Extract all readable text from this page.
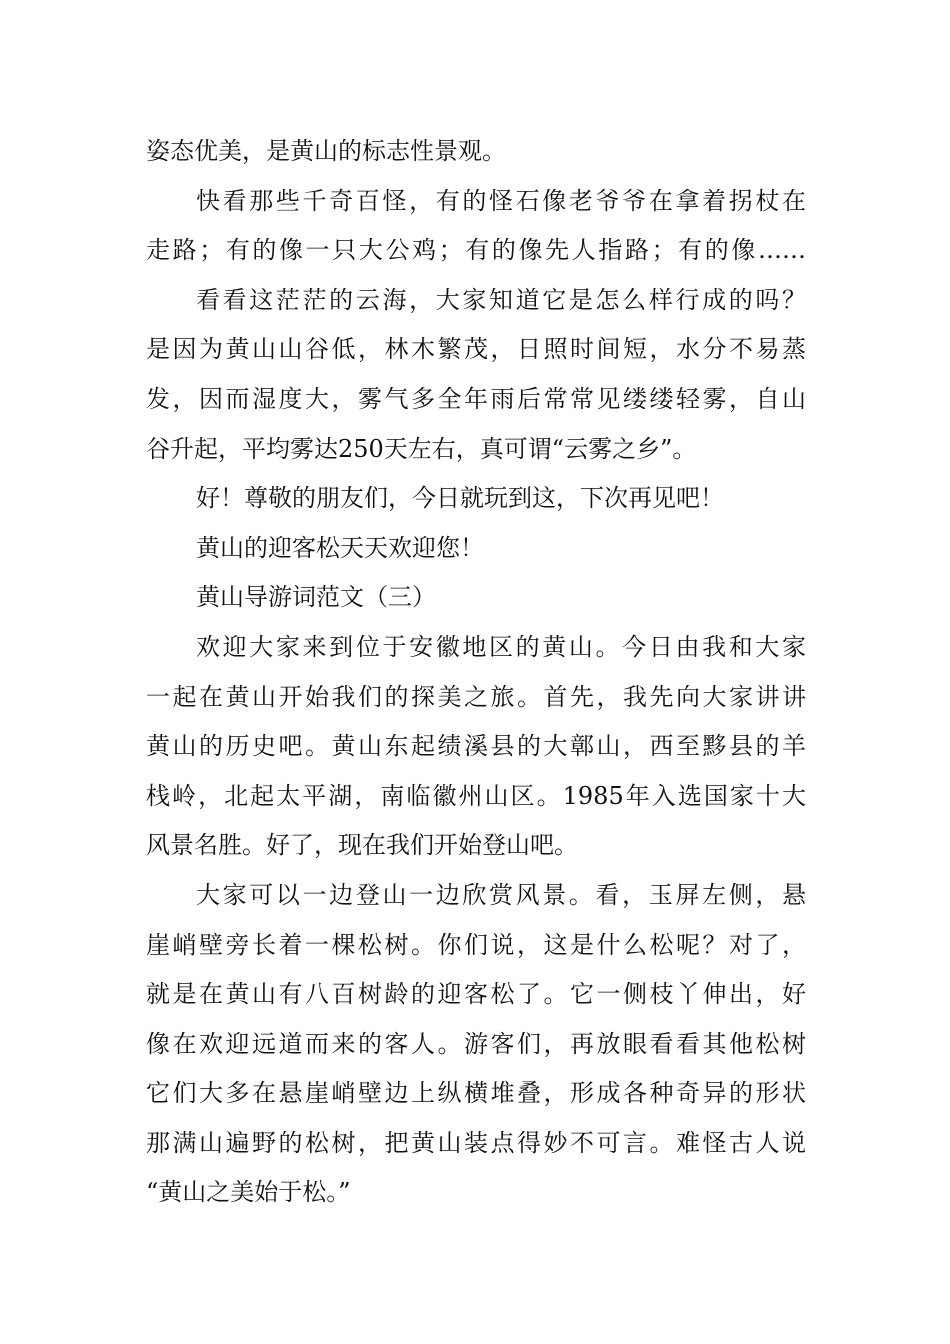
姿态优美，是黄山的标志性景观。
快看那些千奇百怪，有的怪石像老爷爷在拿着拐杖在
走路；有的像一只大公鸡；有的像先人指路；有的像……
看看这茫茫的云海，大家知道它是怎么样行成的吗？
是因为黄山山谷低，林木繁茂，日照时间短，水分不易蒸
发，因而湿度大，雾气多全年雨后常常见缕缕轻雾，自山
谷升起，平均雾达250天左右，真可谓“云雾之乡”。
好！尊敬的朋友们，今日就玩到这，下次再见吧！
黄山的迎客松天天欢迎您！
黄山导游词范文（三）
欢迎大家来到位于安徽地区的黄山。今日由我和大家
一起在黄山开始我们的探美之旅。首先，我先向大家讲讲
黄山的历史吧。黄山东起绩溪县的大鄣山，西至黟县的羊
栈岭，北起太平湖，南临徽州山区。1985年入选国家十大
风景名胜。好了，现在我们开始登山吧。
大家可以一边登山一边欣赏风景。看，玉屏左侧，悬
崖峭壁旁长着一棵松树。你们说，这是什么松呢？对了，
就是在黄山有八百树龄的迎客松了。它一侧枝丫伸出，好
像在欢迎远道而来的客人。游客们，再放眼看看其他松树
它们大多在悬崖峭壁边上纵横堆叠，形成各种奇异的形状
那满山遍野的松树，把黄山装点得妙不可言。难怪古人说
“黄山之美始于松。”
